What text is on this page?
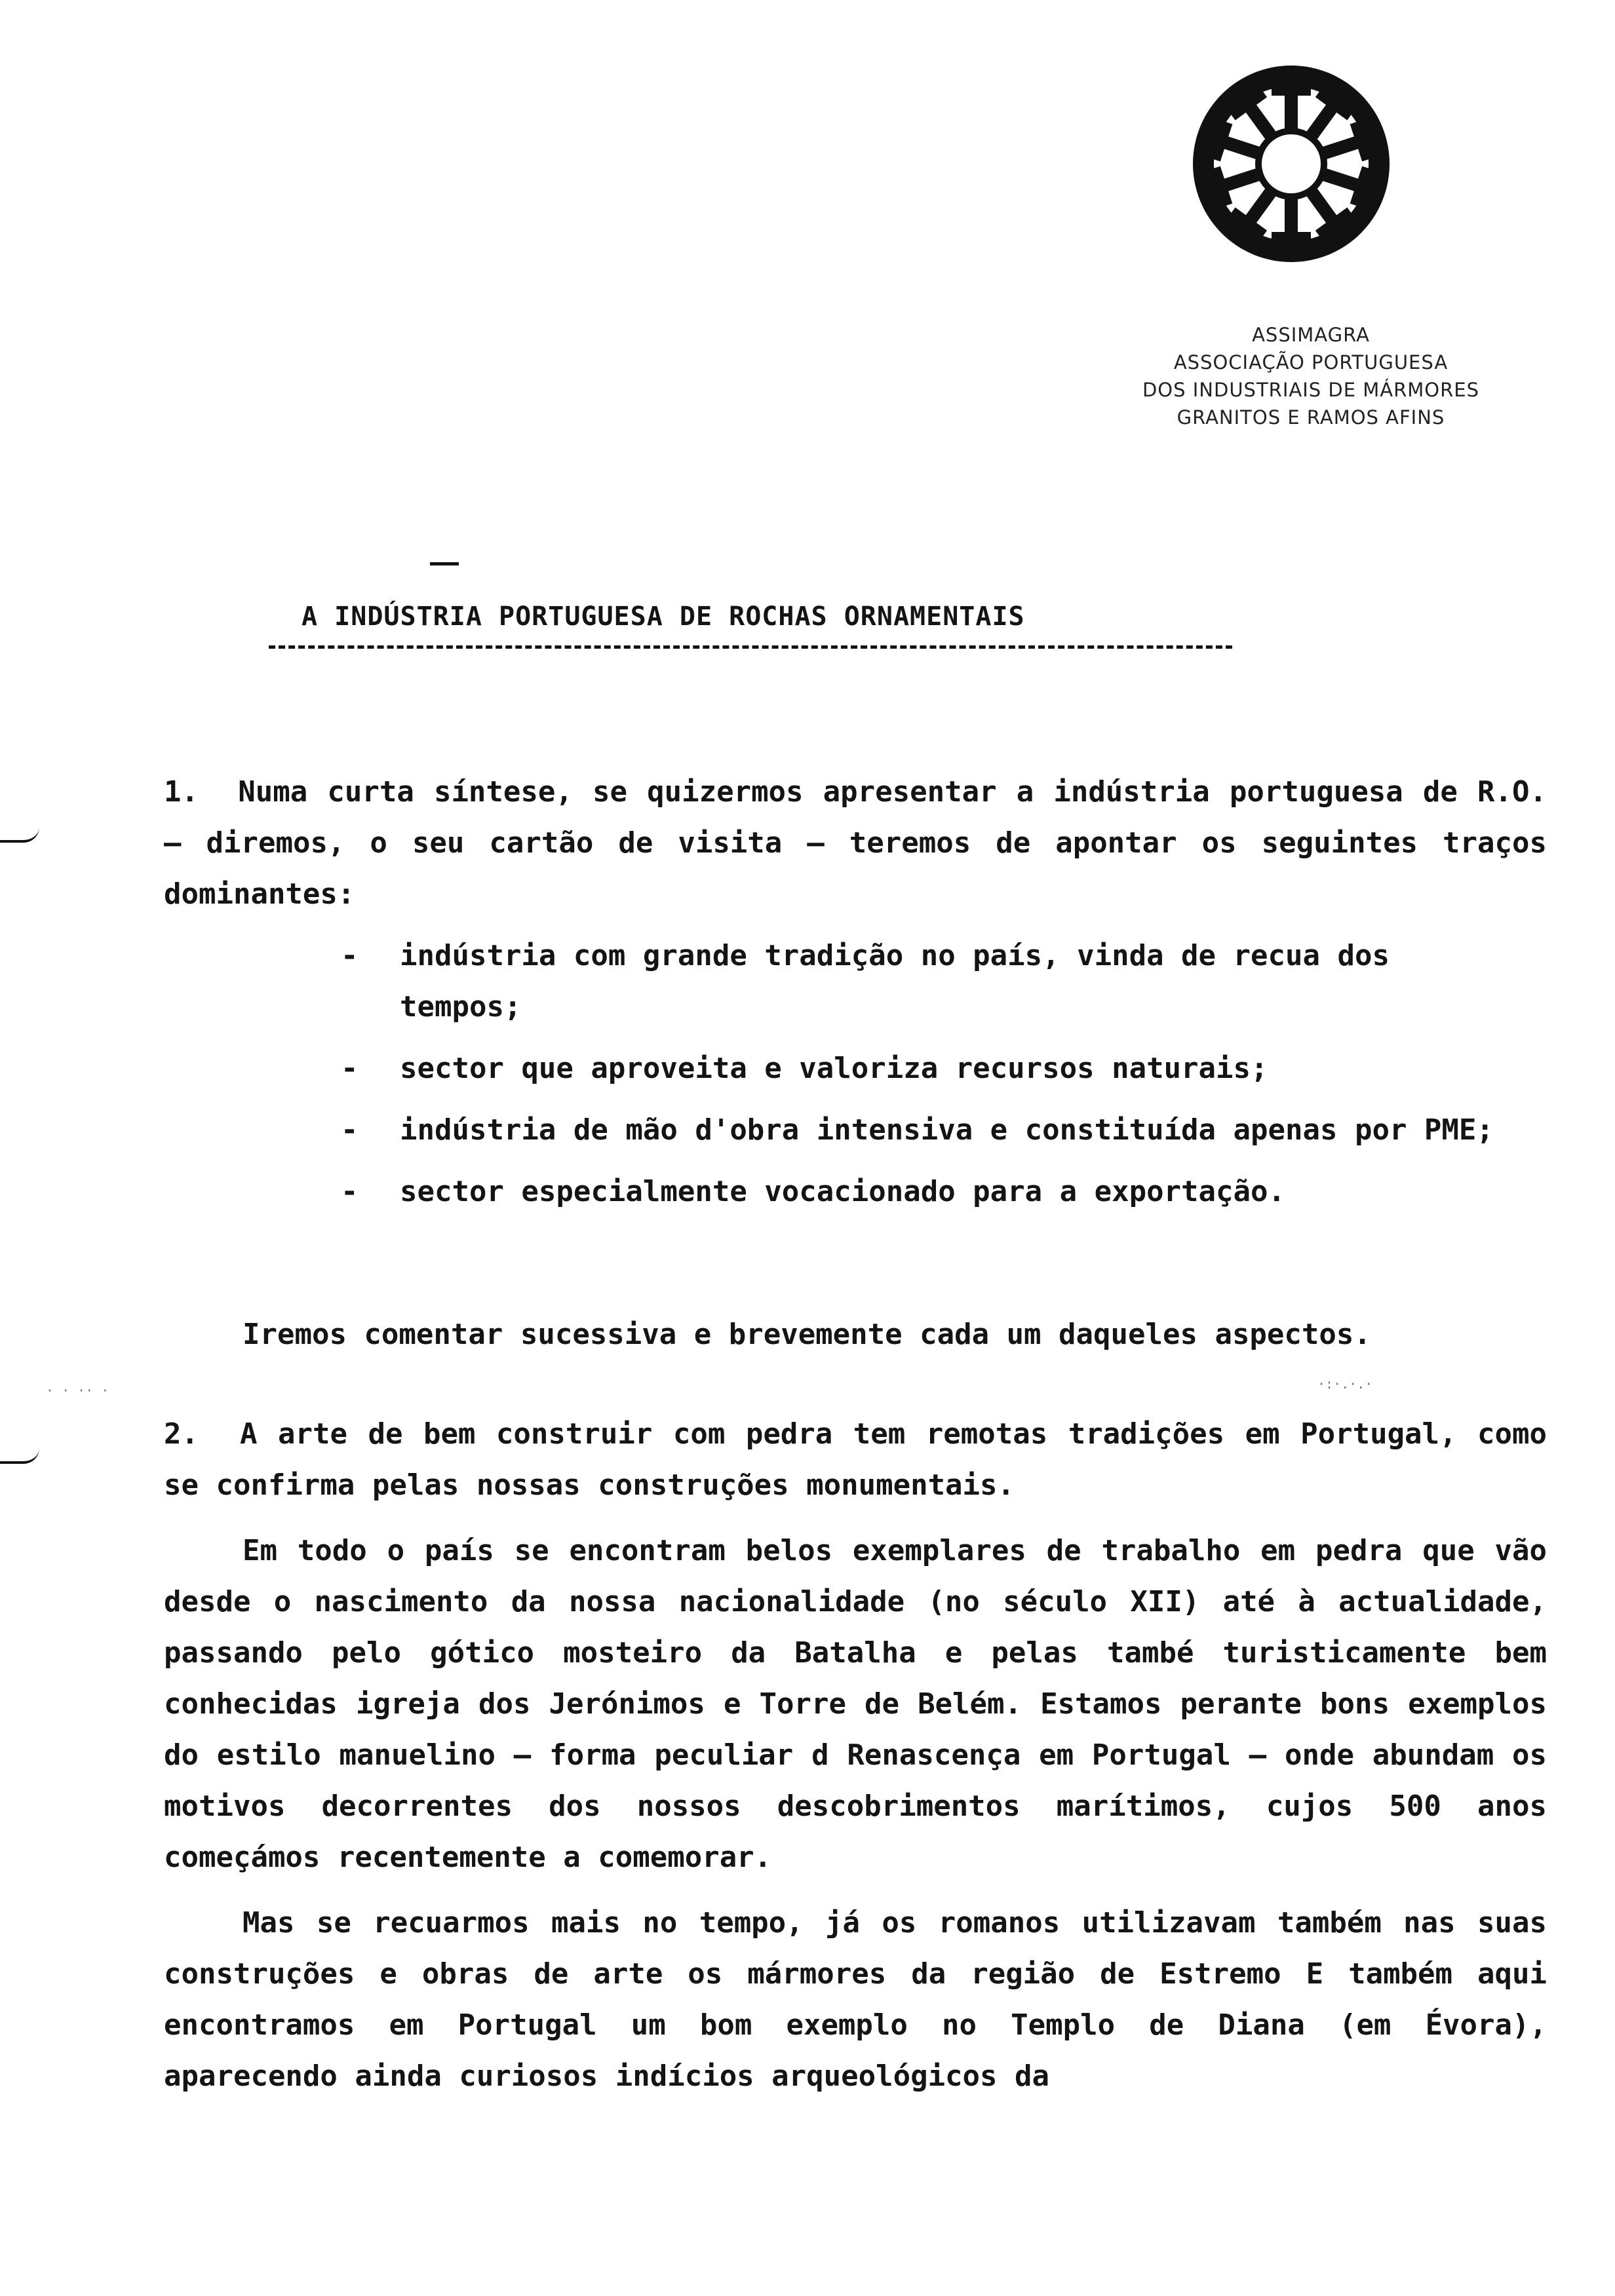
ASSIMAGRA
ASSOCIAÇÃO PORTUGUESA
DOS INDUSTRIAIS DE MÁRMORES
GRANITOS E RAMOS AFINS
A INDÚSTRIA PORTUGUESA DE ROCHAS ORNAMENTAIS

1. Numa curta síntese, se quizermos apresentar a indústria portuguesa de R.O. — diremos, o seu cartão de visita — teremos de apontar os seguintes traços dominantes:

- indústria com grande tradição no país, vinda de recua dos tempos;
- sector que aproveita e valoriza recursos naturais;
- indústria de mão d'obra intensiva e constituída apenas por PME;
- sector especialmente vocacionado para a exportação.

Iremos comentar sucessiva e brevemente cada um daqueles aspectos.

· · ·· ·	·:·.·.·

2. A arte de bem construir com pedra tem remotas tradições em Portugal, como se confirma pelas nossas construções monumentais.

Em todo o país se encontram belos exemplares de trabalho em pedra que vão desde o nascimento da nossa nacionalidade (no século XII) até à actualidade, passando pelo gótico mosteiro da Batalha e pelas també turisticamente bem conhecidas igreja dos Jerónimos e Torre de Belém. Estamos perante bons exemplos do estilo manuelino — forma peculiar d Renascença em Portugal — onde abundam os motivos decorrentes dos nossos descobrimentos marítimos, cujos 500 anos começámos recentemente a comemorar.

Mas se recuarmos mais no tempo, já os romanos utilizavam também nas suas construções e obras de arte os mármores da região de Estremo E também aqui encontramos em Portugal um bom exemplo no Templo de Diana (em Évora), aparecendo ainda curiosos indícios arqueológicos da
